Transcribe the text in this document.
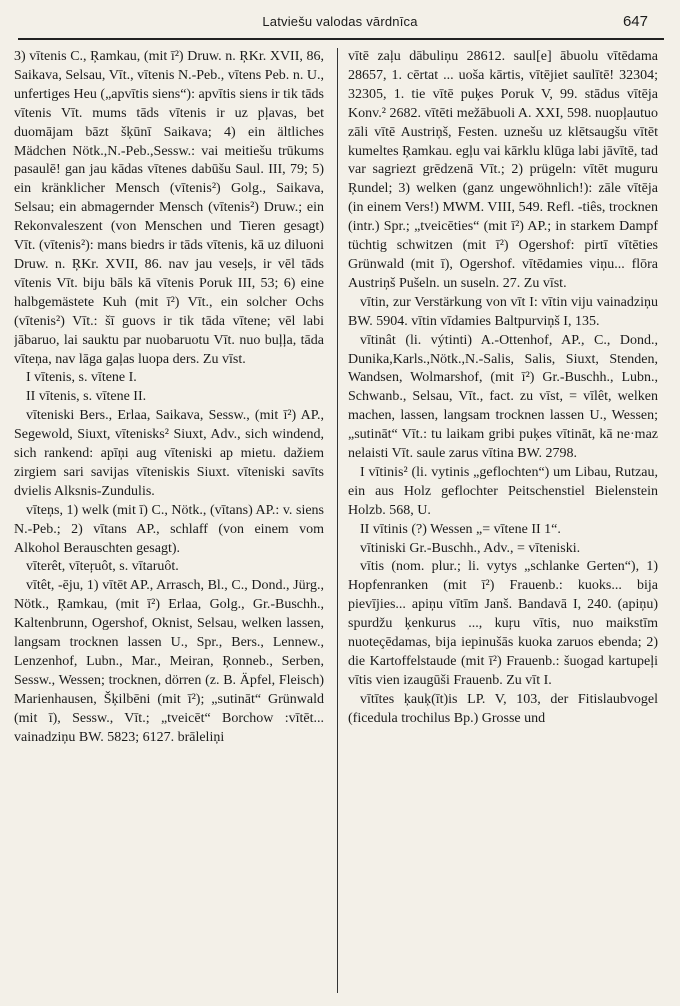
Latviešu valodas vārdnīca	647

3) vītenis C., Ŗamkau, (mit ī²) Druw. n. ŖKr. XVII, 86, Saikava, Selsau, Vīt., vītenis N.-Peb., vītens Peb. n. U., unfertiges Heu („apvītis siens“): apvītis siens ir tik tāds vītenis Vīt. mums tāds vītenis ir uz pļavas, bet duomājam bāzt šķūnī Saikava; 4) ein ältliches Mädchen Nötk.,N.-Peb.,Sessw.: vai meitiešu trūkums pasaulē! gan jau kādas vītenes dabūšu Saul. III, 79; 5) ein kränklicher Mensch (vītenis²) Golg., Saikava, Selsau; ein abmagernder Mensch (vītenis²) Druw.; ein Rekonvaleszent (von Menschen und Tieren gesagt) Vīt. (vītenis²): mans biedrs ir tāds vītenis, kā uz diluoni Druw. n. ŖKr. XVII, 86. nav jau veseļs, ir vēl tāds vītenis Vīt. biju bāls kā vītenis Poruk III, 53; 6) eine halbgemästete Kuh (mit ī²) Vīt., ein solcher Ochs (vītenis²) Vīt.: šī guovs ir tik tāda vītene; vēl labi jābaruo, lai sauktu par nuobaruotu Vīt. nuo buļļa, tāda vīteņa, nav lāga gaļas luopa ders. Zu vīst.

I vītenis, s. vītene I.

II vītenis, s. vītene II.

vīteniski Bers., Erlaa, Saikava, Sessw., (mit ī²) AP., Segewold, Siuxt, vītenisks² Siuxt, Adv., sich windend, sich rankend: apīņi aug vīteniski ap mietu. dažiem zirgiem sari savijas vīteniskis Siuxt. vīteniski savīts dvielis Alksnis-Zundulis.

vīteņs, 1) welk (mit ī) C., Nötk., (vītans) AP.: v. siens N.-Peb.; 2) vītans AP., schlaff (von einem vom Alkohol Berauschten gesagt).

vīterêt, vīteŗuôt, s. vītaruôt.

vītêt, -ēju, 1) vītēt AP., Arrasch, Bl., C., Dond., Jürg., Nötk., Ŗamkau, (mit ī²) Erlaa, Golg., Gr.-Buschh., Kaltenbrunn, Ogershof, Oknist, Selsau, welken lassen, langsam trocknen lassen U., Spr., Bers., Lennew., Lenzenhof, Lubn., Mar., Meiran, Ŗonneb., Serben, Sessw., Wessen; trocknen, dörren (z. B. Äpfel, Fleisch) Marienhausen, Šķilbēni (mit ī²); „sutināt“ Grünwald (mit ī), Sessw., Vīt.; „tveicēt“ Borchow :vītēt... vainadziņu BW. 5823; 6127. brāleliņi

vītē zaļu dābuliņu 28612. saul[e] ābuolu vītēdama 28657, 1. cērtat ... uoša kārtis, vītējiet saulītē! 32304; 32305, 1. tie vītē puķes Poruk V, 99. stādus vītēja Konv.² 2682. vītēti mežābuoli A. XXI, 598. nuopļautuo zāli vītē Austriņš, Festen. uznešu uz klētsaugšu vītēt kumeltes Ŗamkau. egļu vai kārklu klūga labi jāvītē, tad var sagriezt grēdzenā Vīt.; 2) prügeln: vītēt muguru Ŗundel; 3) welken (ganz ungewöhnlich!): zāle vītēja (in einem Vers!) MWM. VIII, 549. Refl. -tiês, trocknen (intr.) Spr.; „tveicēties“ (mit ī²) AP.; in starkem Dampf tüchtig schwitzen (mit ī²) Ogershof: pirtī vītēties Grünwald (mit ī), Ogershof. vītēdamies viņu... flōra Austriņš Pušeln. un suseln. 27. Zu vīst.

vītin, zur Verstärkung von vīt I: vītin viju vainadziņu BW. 5904. vītin vīdamies Baltpurviņš I, 135.

vītinât (li. výtinti) A.-Ottenhof, AP., C., Dond., Dunika,Karls.,Nötk.,N.-Salis, Salis, Siuxt, Stenden, Wandsen, Wolmarshof, (mit ī²) Gr.-Buschh., Lubn., Schwanb., Selsau, Vīt., fact. zu vīst, = vīlêt, welken machen, lassen, langsam trocknen lassen U., Wessen; „sutināt“ Vīt.: tu laikam gribi puķes vītināt, kā ne·maz nelaisti Vīt. saule zarus vītina BW. 2798.

I vītinis² (li. vytinis „geflochten“) um Libau, Rutzau, ein aus Holz geflochter Peitschenstiel Bielenstein Holzb. 568, U.

II vītinis (?) Wessen „= vītene II 1“.

vītiniski Gr.-Buschh., Adv., = vīteniski.

vītis (nom. plur.; li. vytys „schlanke Gerten“), 1) Hopfenranken (mit ī²) Frauenb.: kuoks... bija pievījies... apiņu vītīm Janš. Bandavā I, 240. (apiņu) spurdžu ķenkurus ..., kuŗu vītis, nuo maikstīm nuoteçēdamas, bija iepinušās kuoka zaruos ebenda; 2) die Kartoffelstaude (mit ī²) Frauenb.: šuogad kartupeļi vītis vien izaugūši Frauenb. Zu vīt I.

vītītes ķauķ(īt)is LP. V, 103, der Fitislaubvogel (ficedula trochilus Bp.) Grosse und
